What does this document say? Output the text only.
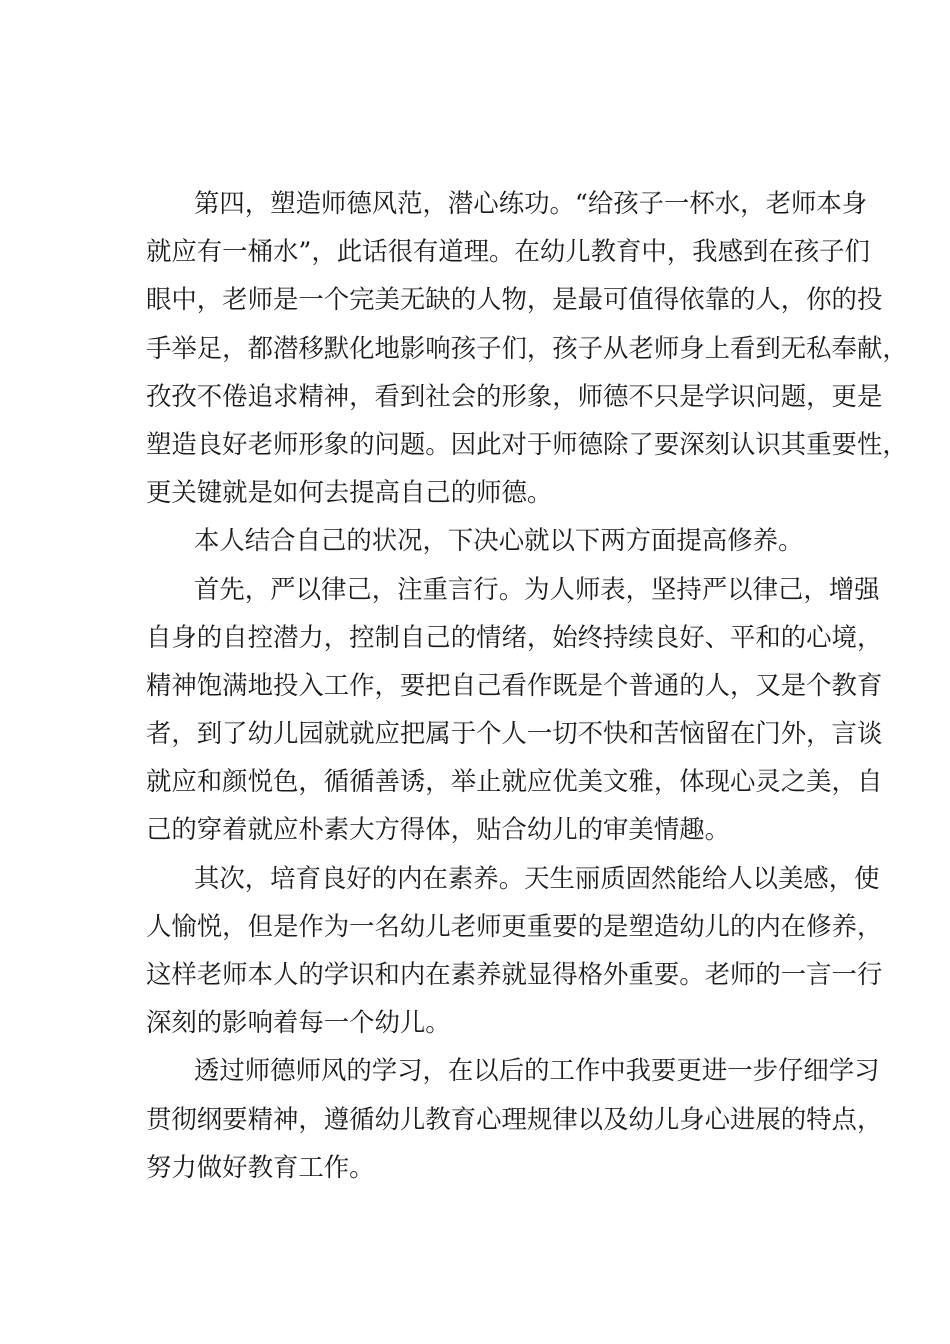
第四，塑造师德风范，潜心练功。“给孩子一杯水，老师本身
就应有一桶水”，此话很有道理。在幼儿教育中，我感到在孩子们
眼中，老师是一个完美无缺的人物，是最可值得依靠的人，你的投
手举足，都潜移默化地影响孩子们，孩子从老师身上看到无私奉献，
孜孜不倦追求精神，看到社会的形象，师德不只是学识问题，更是
塑造良好老师形象的问题。因此对于师德除了要深刻认识其重要性，
更关键就是如何去提高自己的师德。
本人结合自己的状况，下决心就以下两方面提高修养。
首先，严以律己，注重言行。为人师表，坚持严以律己，增强
自身的自控潜力，控制自己的情绪，始终持续良好、平和的心境，
精神饱满地投入工作，要把自己看作既是个普通的人，又是个教育
者，到了幼儿园就就应把属于个人一切不快和苦恼留在门外，言谈
就应和颜悦色，循循善诱，举止就应优美文雅，体现心灵之美，自
己的穿着就应朴素大方得体，贴合幼儿的审美情趣。
其次，培育良好的内在素养。天生丽质固然能给人以美感，使
人愉悦，但是作为一名幼儿老师更重要的是塑造幼儿的内在修养，
这样老师本人的学识和内在素养就显得格外重要。老师的一言一行
深刻的影响着每一个幼儿。
透过师德师风的学习，在以后的工作中我要更进一步仔细学习
贯彻纲要精神，遵循幼儿教育心理规律以及幼儿身心进展的特点，
努力做好教育工作。
